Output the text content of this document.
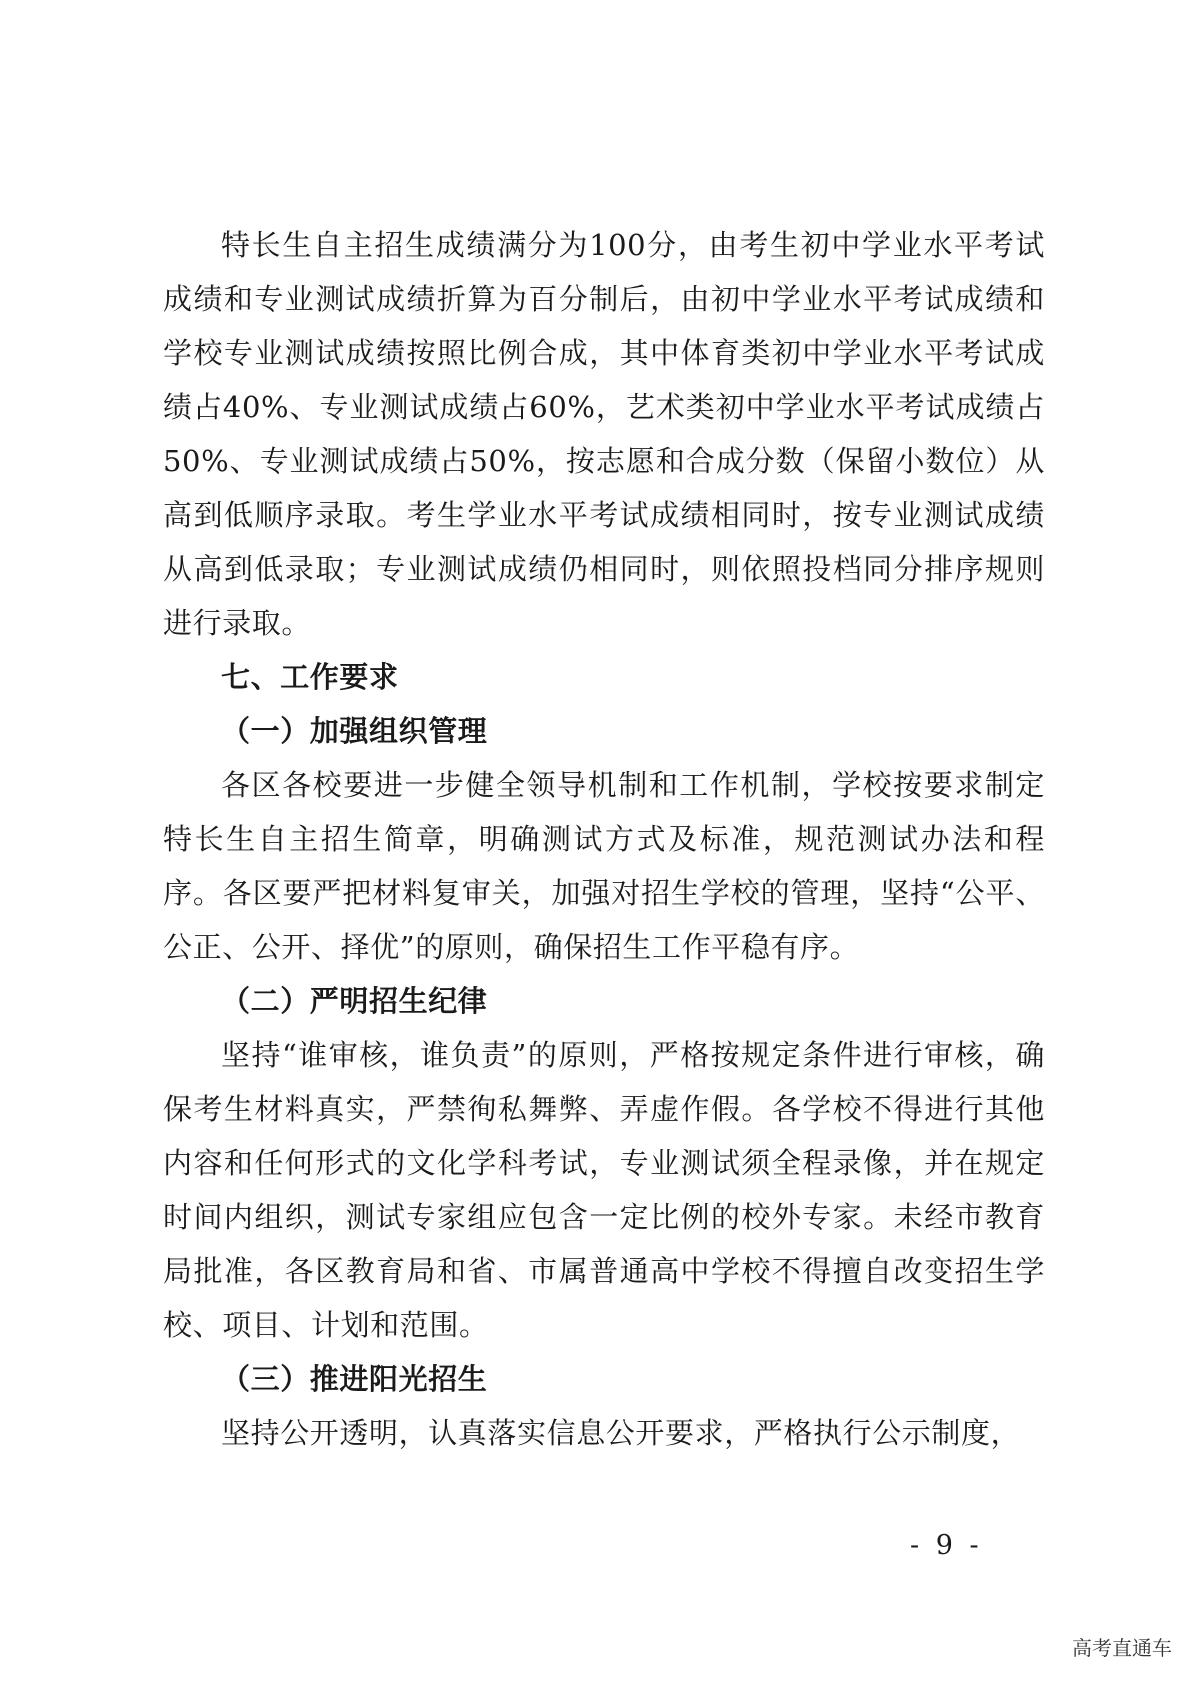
特长生自主招生成绩满分为100分，由考生初中学业水平考试成绩和专业测试成绩折算为百分制后，由初中学业水平考试成绩和学校专业测试成绩按照比例合成，其中体育类初中学业水平考试成绩占40%、专业测试成绩占60%，艺术类初中学业水平考试成绩占50%、专业测试成绩占50%，按志愿和合成分数（保留小数位）从高到低顺序录取。考生学业水平考试成绩相同时，按专业测试成绩从高到低录取；专业测试成绩仍相同时，则依照投档同分排序规则进行录取。

七、工作要求

（一）加强组织管理

各区各校要进一步健全领导机制和工作机制，学校按要求制定特长生自主招生简章，明确测试方式及标准，规范测试办法和程序。各区要严把材料复审关，加强对招生学校的管理，坚持“公平、公正、公开、择优”的原则，确保招生工作平稳有序。

（二）严明招生纪律

坚持“谁审核，谁负责”的原则，严格按规定条件进行审核，确保考生材料真实，严禁徇私舞弊、弄虚作假。各学校不得进行其他内容和任何形式的文化学科考试，专业测试须全程录像，并在规定时间内组织，测试专家组应包含一定比例的校外专家。未经市教育局批准，各区教育局和省、市属普通高中学校不得擅自改变招生学校、项目、计划和范围。

（三）推进阳光招生

坚持公开透明，认真落实信息公开要求，严格执行公示制度，

- 9 -
高考直通车
